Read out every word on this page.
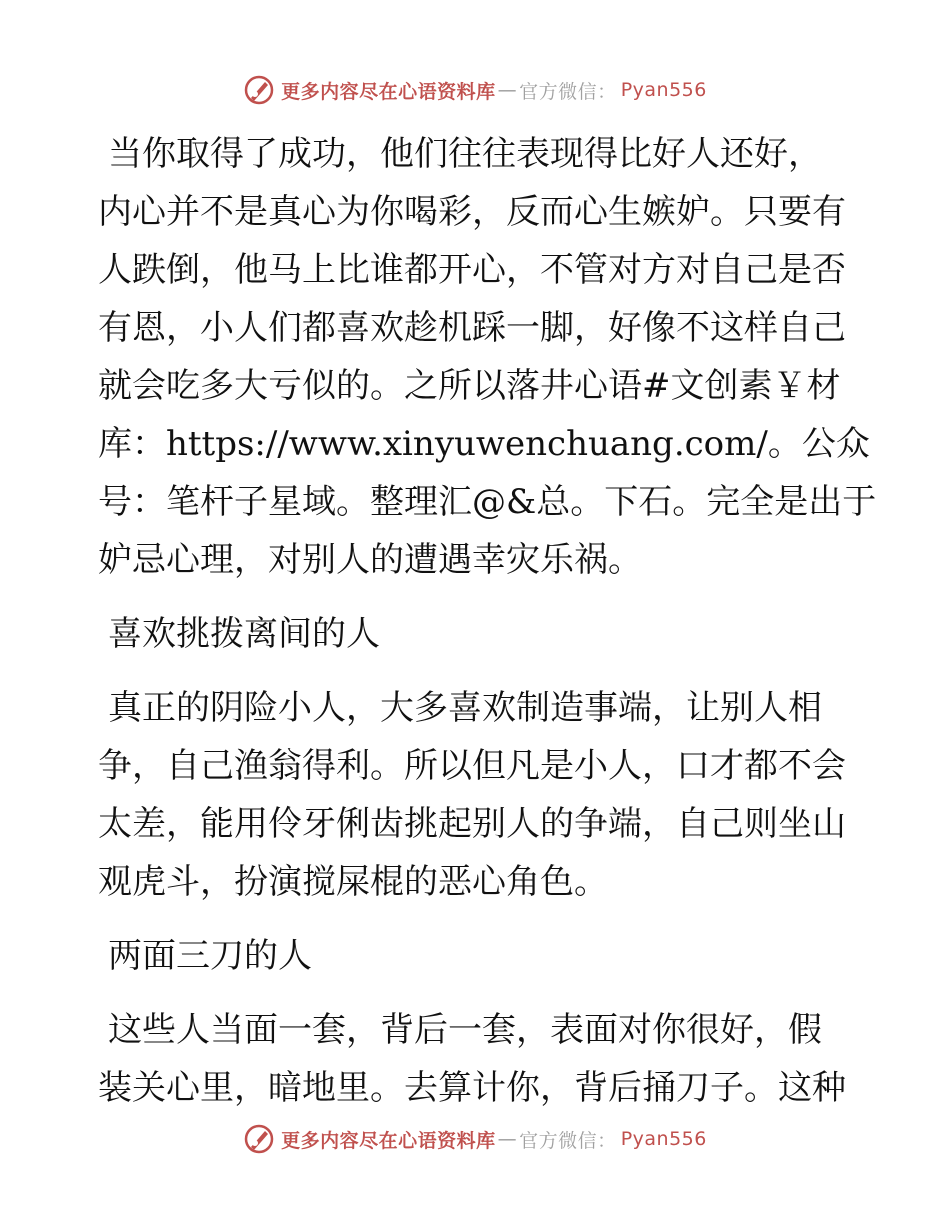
更多内容尽在心语资料库 — 官方微信： Pyan556
当你取得了成功，他们往往表现得比好人还好，
内心并不是真心为你喝彩，反而心生嫉妒。只要有
人跌倒，他马上比谁都开心，不管对方对自己是否
有恩，小人们都喜欢趁机踩一脚，好像不这样自己
就会吃多大亏似的。之所以落井心语#文创素￥材
库：https://www.xinyuwenchuang.com/。公众
号：笔杆子星域。整理汇@&总。下石。完全是出于
妒忌心理，对别人的遭遇幸灾乐祸。
喜欢挑拨离间的人
真正的阴险小人，大多喜欢制造事端，让别人相
争，自己渔翁得利。所以但凡是小人，口才都不会
太差，能用伶牙俐齿挑起别人的争端，自己则坐山
观虎斗，扮演搅屎棍的恶心角色。
两面三刀的人
这些人当面一套，背后一套，表面对你很好，假
装关心里，暗地里。去算计你，背后捅刀子。这种
更多内容尽在心语资料库 — 官方微信： Pyan556
